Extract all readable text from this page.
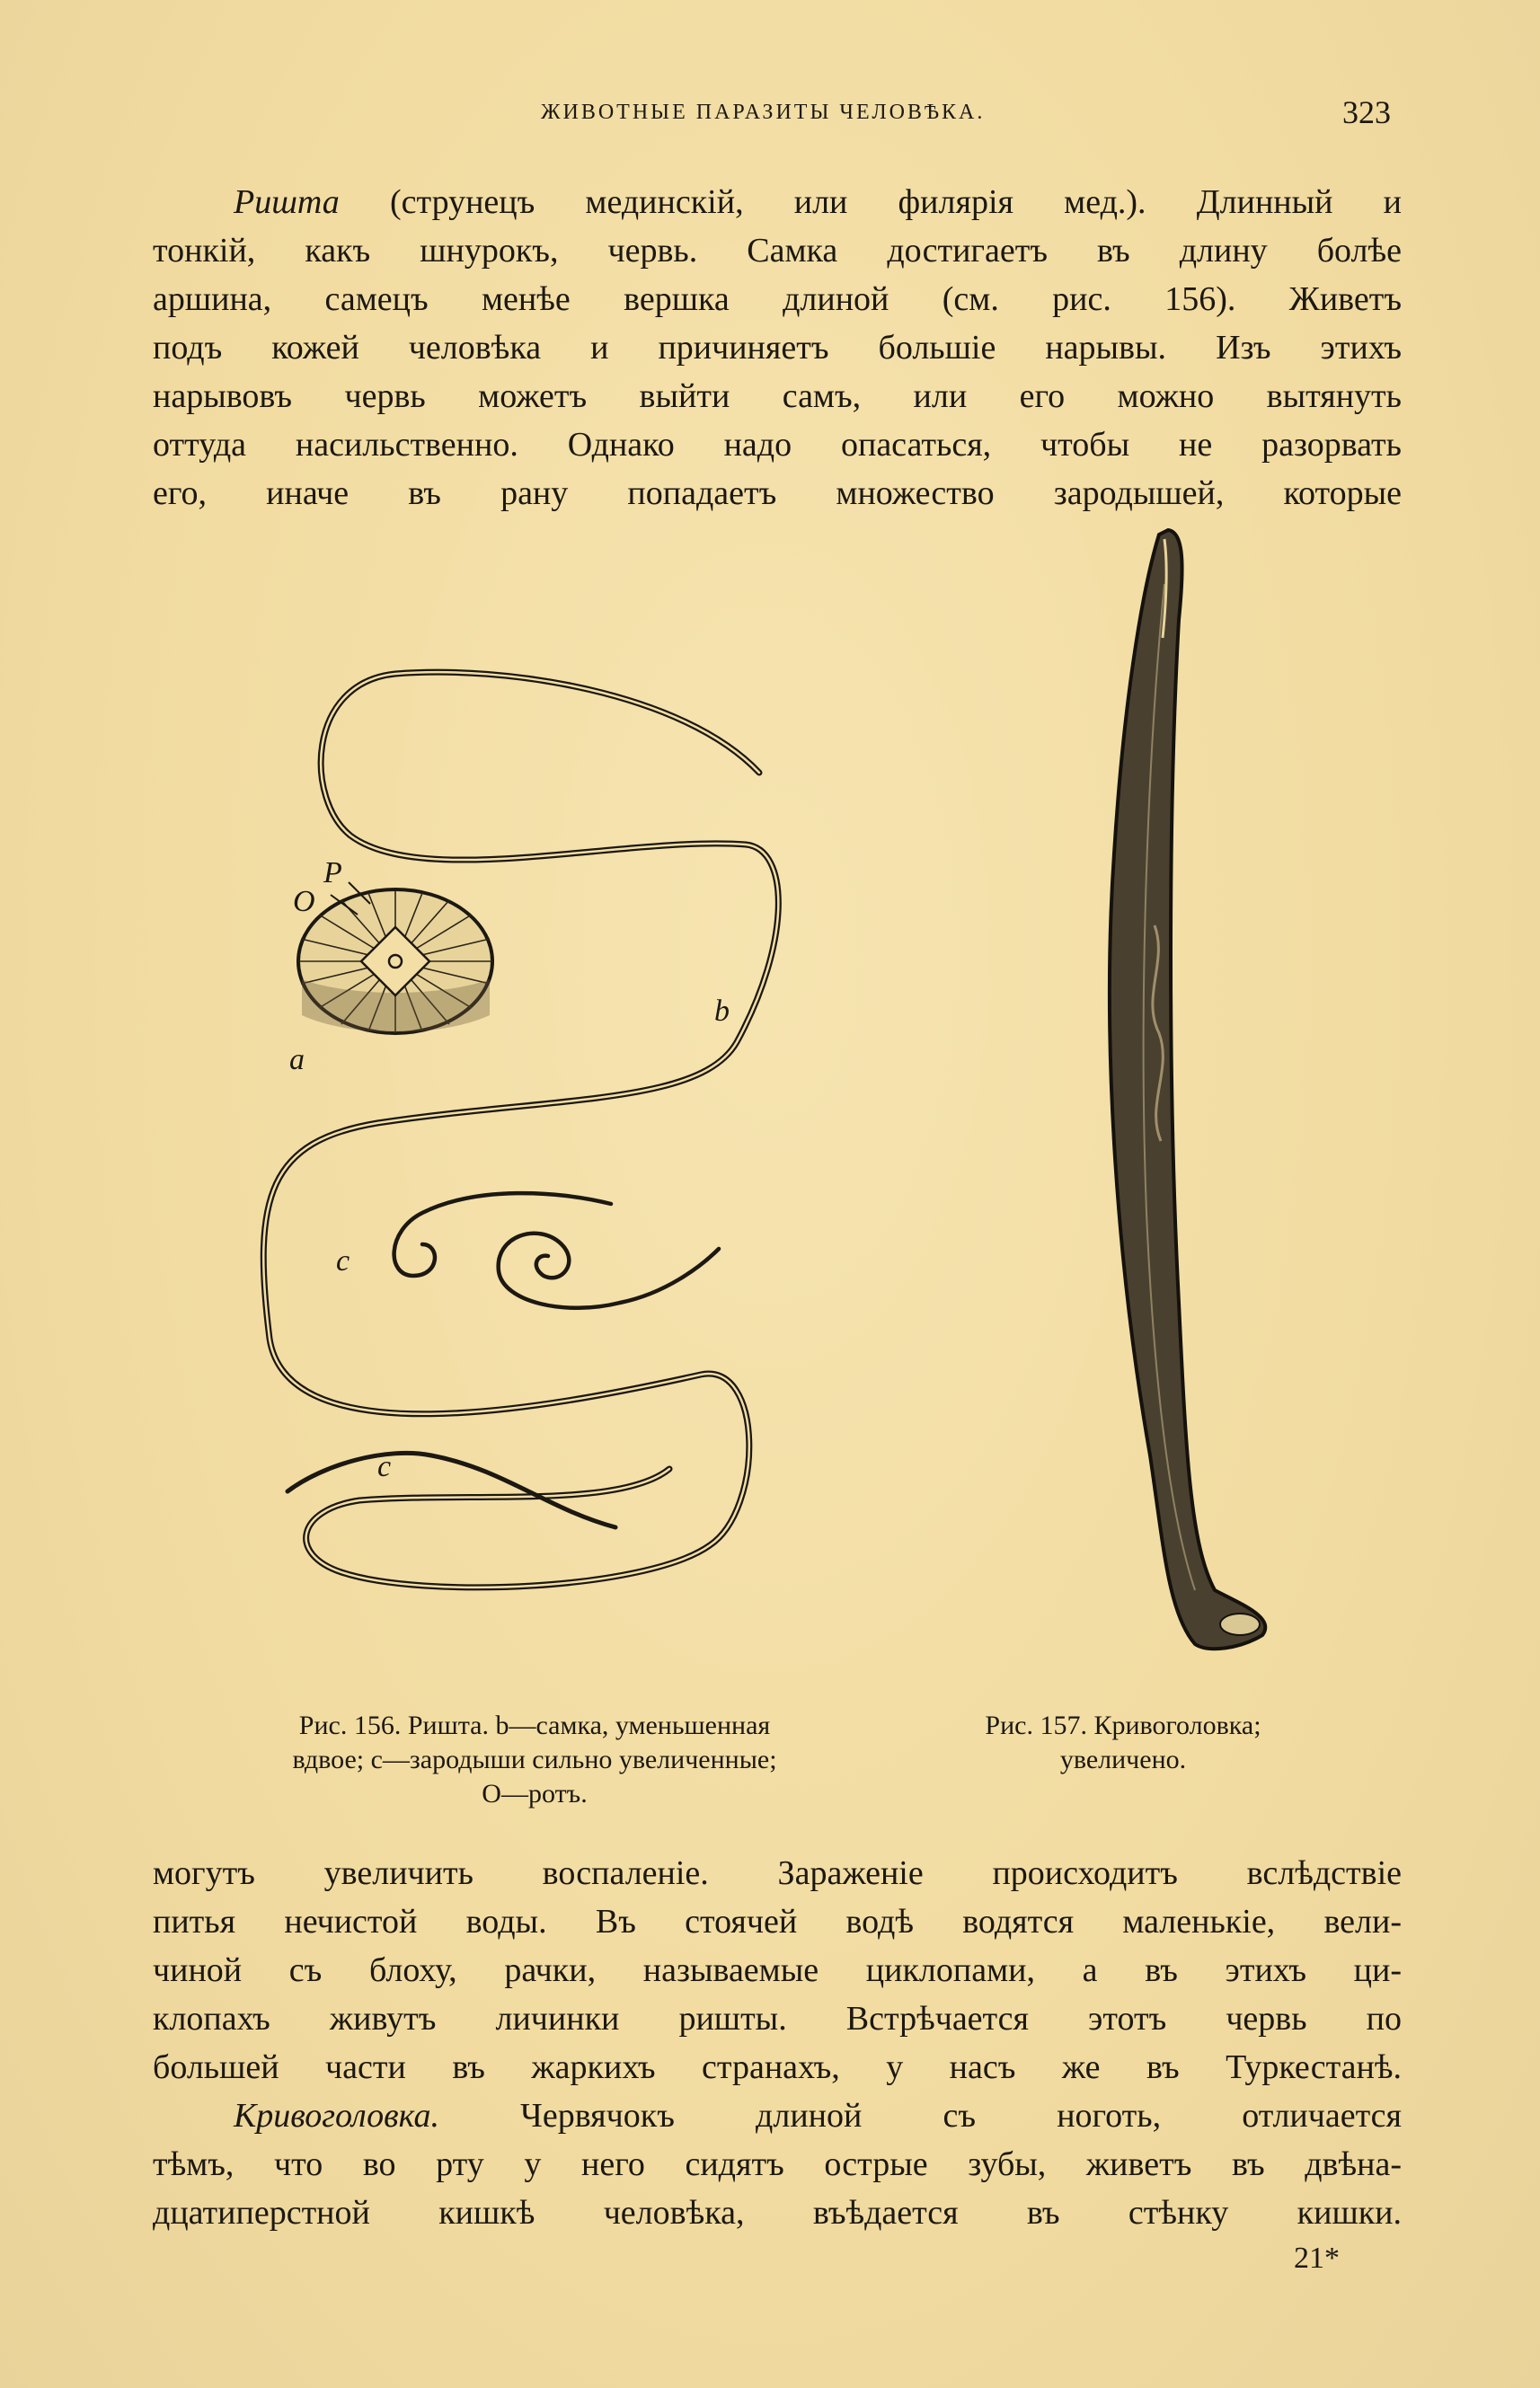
ЖИВОТНЫЕ ПАРАЗИТЫ ЧЕЛОВѢКА.	323
Ришта (струнецъ мединскій, или филярія мед.). Длинный и
тонкій, какъ шнурокъ, червь. Самка достигаетъ въ длину болѣе
аршина, самецъ менѣе вершка длиной (см. рис. 156). Живетъ
подъ кожей человѣка и причиняетъ большіе нарывы. Изъ этихъ
нарывовъ червь можетъ выйти самъ, или его можно вытянуть
оттуда насильственно. Однако надо опасаться, чтобы не разорвать
его, иначе въ рану попадаетъ множество зародышей, которые
P
O
a
b
c
c
Рис. 156. Ришта. b—самка, уменьшенная
вдвое; с—зародыши сильно увеличенные;
О—ротъ.
Рис. 157. Кривоголовка;
увеличено.
могутъ увеличить воспаленіе. Зараженіе происходитъ вслѣдствіе
питья нечистой воды. Въ стоячей водѣ водятся маленькіе, вели-
чиной съ блоху, рачки, называемые циклопами, а въ этихъ ци-
клопахъ живутъ личинки ришты. Встрѣчается этотъ червь по
большей части въ жаркихъ странахъ, у насъ же въ Туркестанѣ.
Кривоголовка. Червячокъ длиной съ ноготь, отличается
тѣмъ, что во рту у него сидятъ острые зубы, живетъ въ двѣна-
дцатиперстной кишкѣ человѣка, въѣдается въ стѣнку кишки.
21*
